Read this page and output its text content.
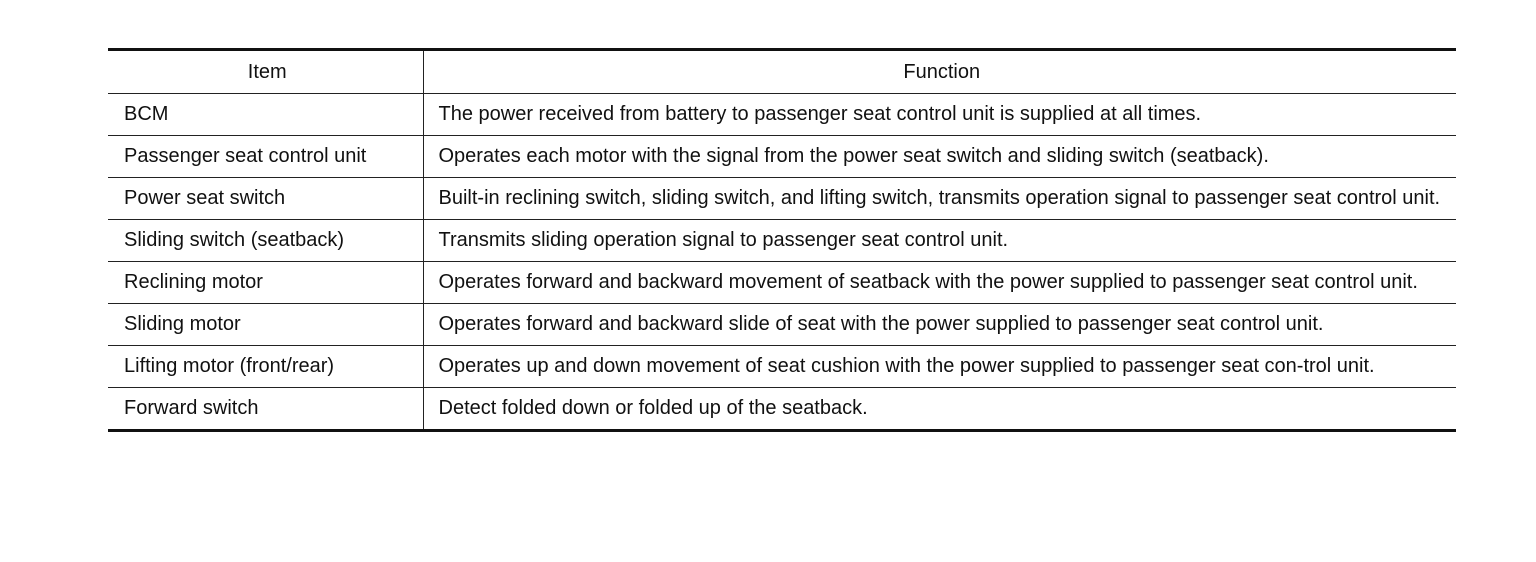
Item	Function
BCM	The power received from battery to passenger seat control unit is supplied at all times.
Passenger seat control unit	Operates each motor with the signal from the power seat switch and sliding switch (seatback).
Power seat switch	Built-in reclining switch, sliding switch, and lifting switch, transmits operation signal to passenger seat control unit.
Sliding switch (seatback)	Transmits sliding operation signal to passenger seat control unit.
Reclining motor	Operates forward and backward movement of seatback with the power supplied to passenger seat control unit.
Sliding motor	Operates forward and backward slide of seat with the power supplied to passenger seat control unit.
Lifting motor (front/rear)	Operates up and down movement of seat cushion with the power supplied to passenger seat con-trol unit.
Forward switch	Detect folded down or folded up of the seatback.
